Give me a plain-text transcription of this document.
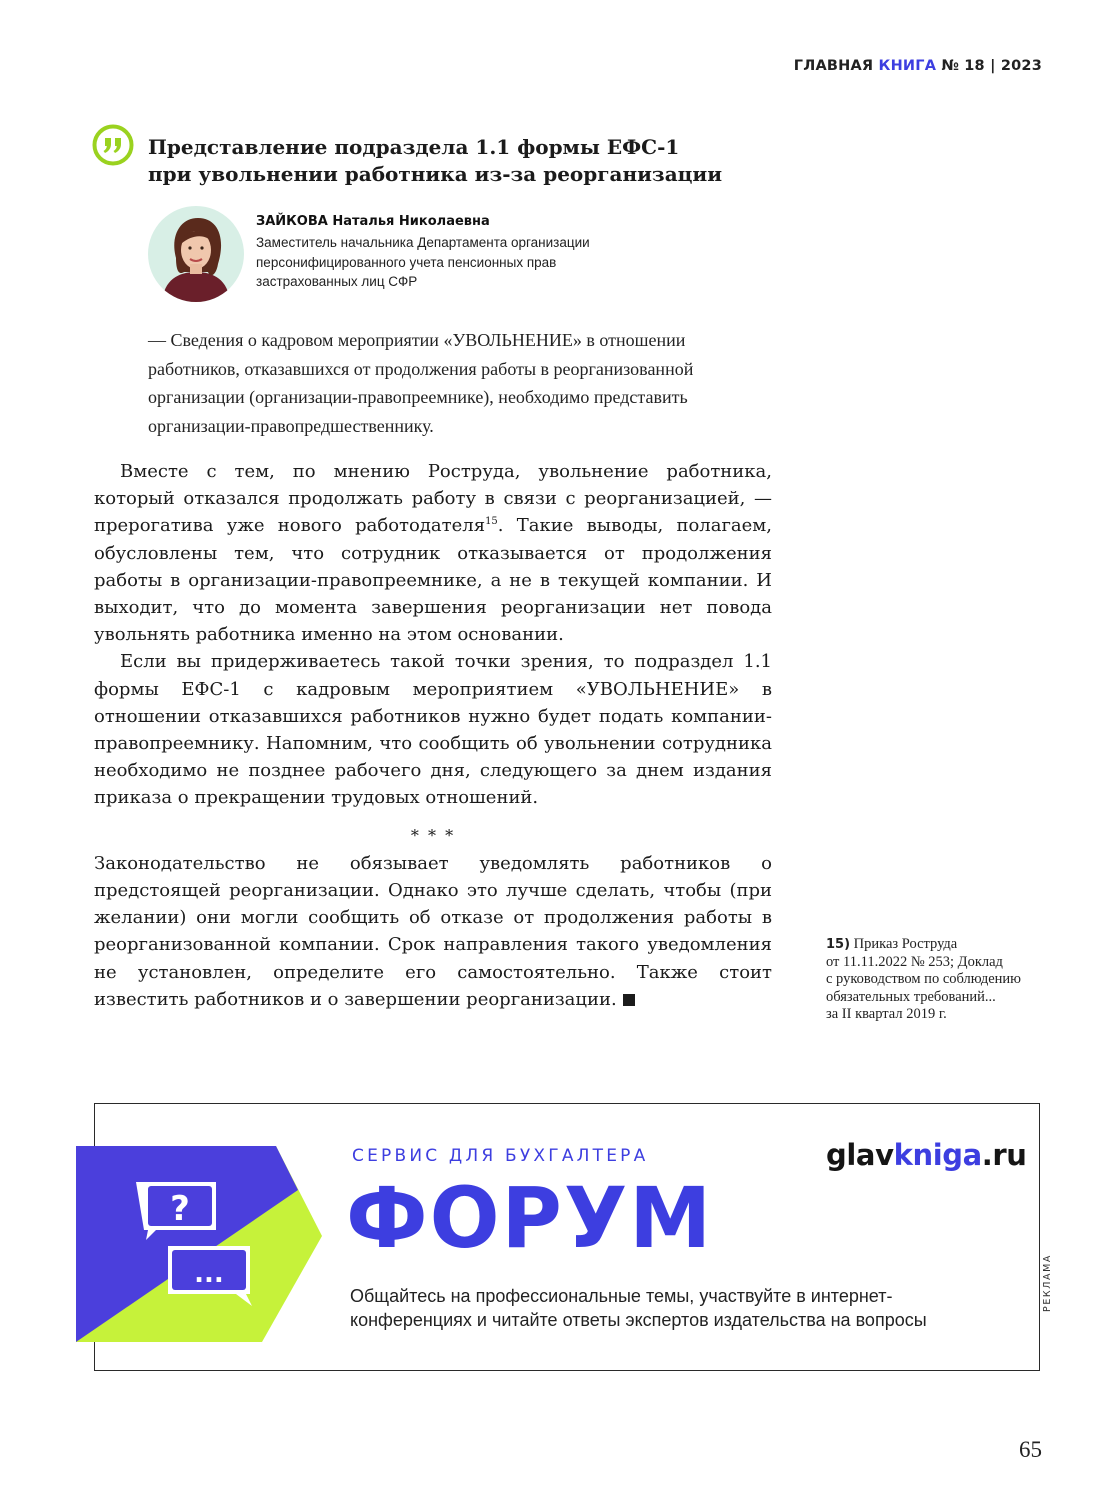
ГЛАВНАЯ КНИГА № 18 | 2023
Представление подраздела 1.1 формы ЕФС-1
при увольнении работника из-за реорганизации
ЗАЙКОВА Наталья Николаевна
Заместитель начальника Департамента организации
персонифицированного учета пенсионных прав
застрахованных лиц СФР
— Сведения о кадровом мероприятии «УВОЛЬНЕНИЕ» в отношении
работников, отказавшихся от продолжения работы в реорганизованной
организации (организации-правопреемнике), необходимо представить
организации-правопредшественнику.

Вместе с тем, по мнению Роструда, увольнение работника, который отказался продолжать работу в связи с реорганизацией, — прерогатива уже нового работодателя$^{15}$. Такие выводы, полагаем, обусловлены тем, что сотрудник отказывается от продолжения работы в организации-правопреемнике, а не в текущей компании. И выходит, что до момента завершения реорганизации нет повода увольнять работника именно на этом основании.

Если вы придерживаетесь такой точки зрения, то подраздел 1.1 формы ЕФС-1 с кадровым мероприятием «УВОЛЬНЕНИЕ» в отношении отказавшихся работников нужно будет подать компании-правопреемнику. Напомним, что сообщить об увольнении сотрудника необходимо не позднее рабочего дня, следующего за днем издания приказа о прекращении трудовых отношений.

* * *

Законодательство не обязывает уведомлять работников о предстоящей реорганизации. Однако это лучше сделать, чтобы (при желании) они могли сообщить об отказе от продолжения работы в реорганизованной компании. Срок направления такого уведомления не установлен, определите его самостоятельно. Также стоит известить работников и о завершении реорганизации.

15) Приказ Роструда
от 11.11.2022 № 253; Доклад
с руководством по соблюдению
обязательных требований...
за II квартал 2019 г.
?
...
СЕРВИС ДЛЯ БУХГАЛТЕРА	glavkniga.ru
ФОРУМ
Общайтесь на профессиональные темы, участвуйте в интернет-
конференциях и читайте ответы экспертов издательства на вопросы
РЕКЛАМА
65
